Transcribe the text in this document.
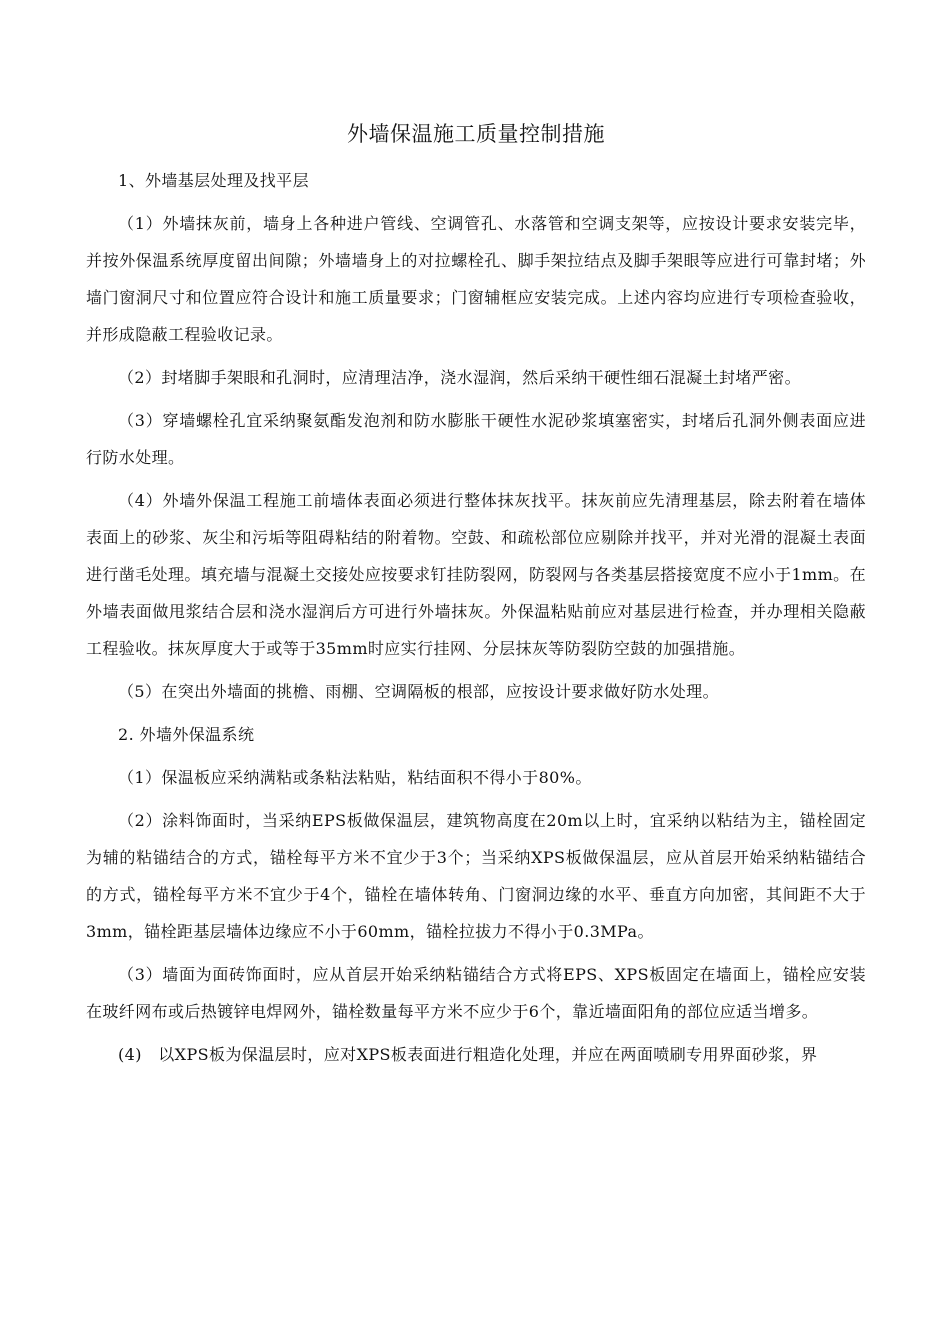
外墙保温施工质量控制措施

1、外墙基层处理及找平层

（1）外墙抹灰前，墙身上各种进户管线、空调管孔、水落管和空调支架等，应按设计要求安装完毕，并按外保温系统厚度留出间隙；外墙墙身上的对拉螺栓孔、脚手架拉结点及脚手架眼等应进行可靠封堵；外墙门窗洞尺寸和位置应符合设计和施工质量要求；门窗辅框应安装完成。上述内容均应进行专项检查验收，并形成隐蔽工程验收记录。

（2）封堵脚手架眼和孔洞时，应清理洁净，浇水湿润，然后采纳干硬性细石混凝土封堵严密。

（3）穿墙螺栓孔宜采纳聚氨酯发泡剂和防水膨胀干硬性水泥砂浆填塞密实，封堵后孔洞外侧表面应进行防水处理。

（4）外墙外保温工程施工前墙体表面必须进行整体抹灰找平。抹灰前应先清理基层，除去附着在墙体表面上的砂浆、灰尘和污垢等阻碍粘结的附着物。空鼓、和疏松部位应剔除并找平，并对光滑的混凝土表面进行凿毛处理。填充墙与混凝土交接处应按要求钉挂防裂网，防裂网与各类基层搭接宽度不应小于1mm。在外墙表面做甩浆结合层和浇水湿润后方可进行外墙抹灰。外保温粘贴前应对基层进行检查，并办理相关隐蔽工程验收。抹灰厚度大于或等于35mm时应实行挂网、分层抹灰等防裂防空鼓的加强措施。

（5）在突出外墙面的挑檐、雨棚、空调隔板的根部，应按设计要求做好防水处理。

2. 外墙外保温系统

（1）保温板应采纳满粘或条粘法粘贴，粘结面积不得小于80%。

（2）涂料饰面时，当采纳EPS板做保温层，建筑物高度在20m以上时，宜采纳以粘结为主，锚栓固定为辅的粘锚结合的方式，锚栓每平方米不宜少于3个；当采纳XPS板做保温层，应从首层开始采纳粘锚结合的方式，锚栓每平方米不宜少于4个，锚栓在墙体转角、门窗洞边缘的水平、垂直方向加密，其间距不大于3mm，锚栓距基层墙体边缘应不小于60mm，锚栓拉拔力不得小于0.3MPa。

（3）墙面为面砖饰面时，应从首层开始采纳粘锚结合方式将EPS、XPS板固定在墙面上，锚栓应安装在玻纤网布或后热镀锌电焊网外，锚栓数量每平方米不应少于6个，靠近墙面阳角的部位应适当增多。

(4)　以XPS板为保温层时，应对XPS板表面进行粗造化处理，并应在两面喷刷专用界面砂浆，界
